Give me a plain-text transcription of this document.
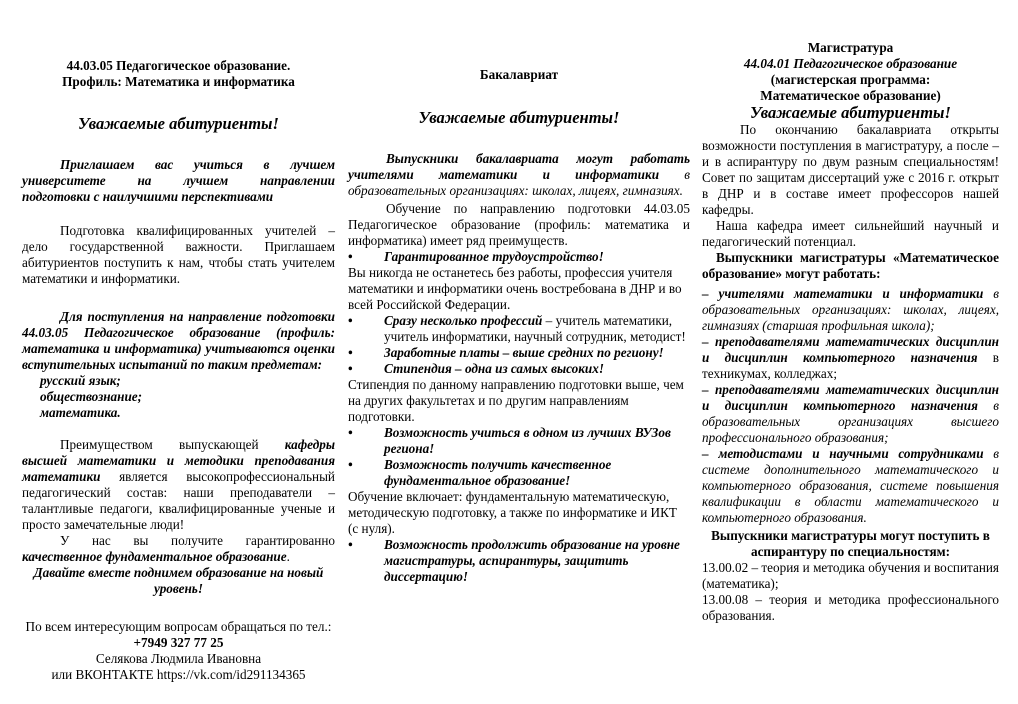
44.03.05 Педагогическое образование.

Профиль: Математика и информатика

Уважаемые абитуриенты!

Приглашаем вас учиться в лучшем университете на лучшем направлении

подготовки с наилучшими перспективами

Подготовка квалифицированных учителей – дело государственной важности. Приглашаем абитуриентов поступить к нам, чтобы стать учителем математики и информатики.

Для поступления на направление подготовки 44.03.05 Педагогическое образование (профиль: математика и информатика) учитываются оценки вступительных испытаний по таким предметам:

русский язык;

обществознание;

математика.

Преимуществом выпускающей кафедры высшей математики и методики преподавания математики является высокопрофессиональный педагогический состав: наши преподаватели – талантливые педагоги, квалифицированные ученые и просто замечательные люди!

У нас вы получите гарантированно качественное фундаментальное образование.

Давайте вместе поднимем образование на новый уровень!

По всем интересующим вопросам обращаться по тел.:

+7949 327 77 25

Селякова Людмила Ивановна

или ВКОНТАКТЕ https://vk.com/id291134365

Бакалавриат

Уважаемые абитуриенты!

Выпускники бакалавриата могут работать учителями математики и информатики в образовательных организациях: школах, лицеях, гимназиях.

Обучение по направлению подготовки 44.03.05 Педагогическое образование (профиль: математика и информатика) имеет ряд преимуществ.

• Гарантированное трудоустройство!

Вы никогда не останетесь без работы, профессия учителя математики и информатики очень востребована в ДНР и во всей Российской Федерации.

• Сразу несколько профессий – учитель математики, учитель информатики, научный сотрудник, методист!

• Заработные платы – выше средних по региону!

• Стипендия – одна из самых высоких!

Стипендия по данному направлению подготовки выше, чем на других факультетах и по другим направлениям подготовки.

• Возможность учиться в одном из лучших ВУЗов региона!

• Возможность получить качественное фундаментальное образование!

Обучение включает: фундаментальную математическую, методическую подготовку, а также по информатике и ИКТ (с нуля).

• Возможность продолжить образование на уровне магистратуры, аспирантуры, защитить диссертацию!

Магистратура

44.04.01 Педагогическое образование

(магистерская программа:

Математическое образование)

Уважаемые абитуриенты!

По окончанию бакалавриата открыты возможности поступления в магистратуру, а после – и в аспирантуру по двум разным специальностям! Совет по защитам диссертаций уже с 2016 г. открыт в ДНР и в составе имеет профессоров нашей кафедры.

Наша кафедра имеет сильнейший научный и педагогический потенциал.

Выпускники магистратуры «Математическое образование» могут работать:

– учителями математики и информатики в образовательных организациях: школах, лицеях, гимназиях (старшая профильная школа);

– преподавателями математических дисциплин и дисциплин компьютерного назначения в техникумах, колледжах;

– преподавателями математических дисциплин и дисциплин компьютерного назначения в образовательных организациях высшего профессионального образования;

– методистами и научными сотрудниками в системе дополнительного математического и компьютерного образования, системе повышения квалификации в области математического и компьютерного образования.

Выпускники магистратуры могут поступить в аспирантуру по специальностям:

13.00.02 – теория и методика обучения и воспитания (математика);

13.00.08 – теория и методика профессионального образования.
